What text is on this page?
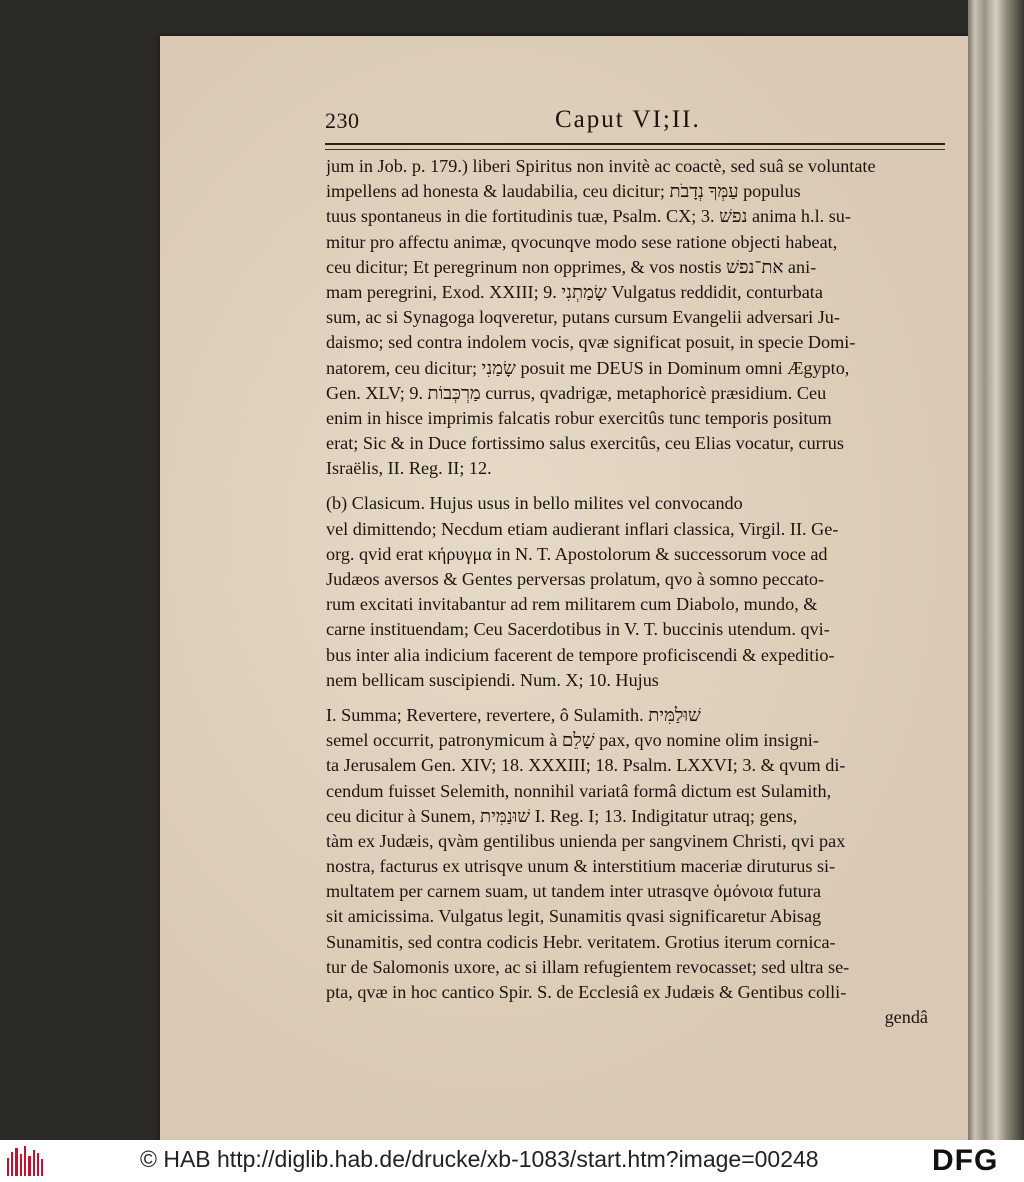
230	Caput VI;II.
jum in Job. p. 179.) liberi Spiritus non invitè ac coactè, sed suâ se voluntate
impellens ad honesta & laudabilia, ceu dicitur; עַמְּךָ נְדָבֹת populus
tuus spontaneus in die fortitudinis tuæ, Psalm. CX; 3. נפשׁ anima h.l. su-
mitur pro affectu animæ, qvocunqve modo sese ratione objecti habeat,
ceu dicitur; Et peregrinum non opprimes, & vos nostis את־נפשׁ ani-
mam peregrini, Exod. XXIII; 9. שָׂמַתְנִי Vulgatus reddidit, conturbata
sum, ac si Synagoga loqveretur, putans cursum Evangelii adversari Ju-
daismo; sed contra indolem vocis, qvæ significat posuit, in specie Domi-
natorem, ceu dicitur; שָׂמַנִי posuit me DEUS in Dominum omni Ægypto,
Gen. XLV; 9. מַרְכְּבוֹת currus, qvadrigæ, metaphoricè præsidium. Ceu
enim in hisce imprimis falcatis robur exercitûs tunc temporis positum
erat; Sic & in Duce fortissimo salus exercitûs, ceu Elias vocatur, currus
Israëlis, II. Reg. II; 12.
(b) Clasicum. Hujus usus in bello milites vel convocando
vel dimittendo; Necdum etiam audierant inflari classica, Virgil. II. Ge-
org. qvid erat κήρυγμα in N. T. Apostolorum & successorum voce ad
Judæos aversos & Gentes perversas prolatum, qvo à somno peccato-
rum excitati invitabantur ad rem militarem cum Diabolo, mundo, &
carne instituendam; Ceu Sacerdotibus in V. T. buccinis utendum. qvi-
bus inter alia indicium facerent de tempore proficiscendi & expeditio-
nem bellicam suscipiendi. Num. X; 10. Hujus
I. Summa; Revertere, revertere, ô Sulamith. שׁוּלַמִּית
semel occurrit, patronymicum à שָׁלֵם pax, qvo nomine olim insigni-
ta Jerusalem Gen. XIV; 18. XXXIII; 18. Psalm. LXXVI; 3. & qvum di-
cendum fuisset Selemith, nonnihil variatâ formâ dictum est Sulamith,
ceu dicitur à Sunem, שׁוּנַמִּית I. Reg. I; 13. Indigitatur utraq; gens,
tàm ex Judæis, qvàm gentilibus unienda per sangvinem Christi, qvi pax
nostra, facturus ex utrisqve unum & interstitium maceriæ diruturus si-
multatem per carnem suam, ut tandem inter utrasqve ὁμόνοια futura
sit amicissima. Vulgatus legit, Sunamitis qvasi significaretur Abisag
Sunamitis, sed contra codicis Hebr. veritatem. Grotius iterum cornica-
tur de Salomonis uxore, ac si illam refugientem revocasset; sed ultra se-
pta, qvæ in hoc cantico Spir. S. de Ecclesiâ ex Judæis & Gentibus colli-
gendâ
© HAB http://diglib.hab.de/drucke/xb-1083/start.htm?image=00248	DFG
